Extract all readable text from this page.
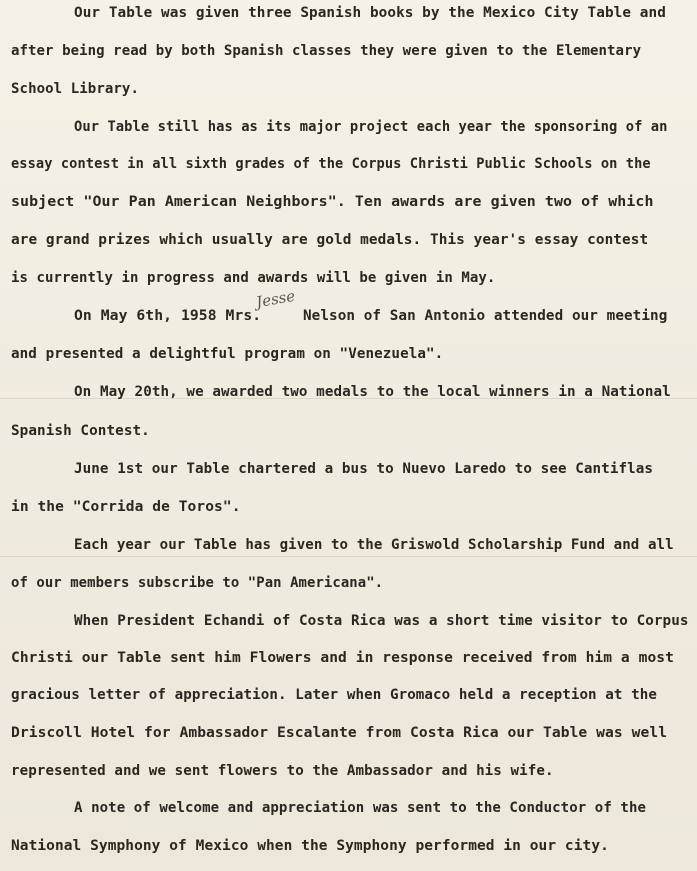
Our Table was given three Spanish books by the Mexico City Table and
after being read by both Spanish classes they were given to the Elementary
School Library.
Our Table still has as its major project each year the sponsoring of an
essay contest in all sixth grades of the Corpus Christi Public Schools on the
subject "Our Pan American Neighbors". Ten awards are given two of which
are grand prizes which usually are gold medals. This year's essay contest
is currently in progress and awards will be given in May.
On May 6th, 1958 Mrs.
Jesse
Nelson of San Antonio attended our meeting
and presented a delightful program on "Venezuela".
On May 20th, we awarded two medals to the local winners in a National
Spanish Contest.
June 1st our Table chartered a bus to Nuevo Laredo to see Cantiflas
in the "Corrida de Toros".
Each year our Table has given to the Griswold Scholarship Fund and all
of our members subscribe to "Pan Americana".
When President Echandi of Costa Rica was a short time visitor to Corpus
Christi our Table sent him Flowers and in response received from him a most
gracious letter of appreciation. Later when Gromaco held a reception at the
Driscoll Hotel for Ambassador Escalante from Costa Rica our Table was well
represented and we sent flowers to the Ambassador and his wife.
A note of welcome and appreciation was sent to the Conductor of the
National Symphony of Mexico when the Symphony performed in our city.
